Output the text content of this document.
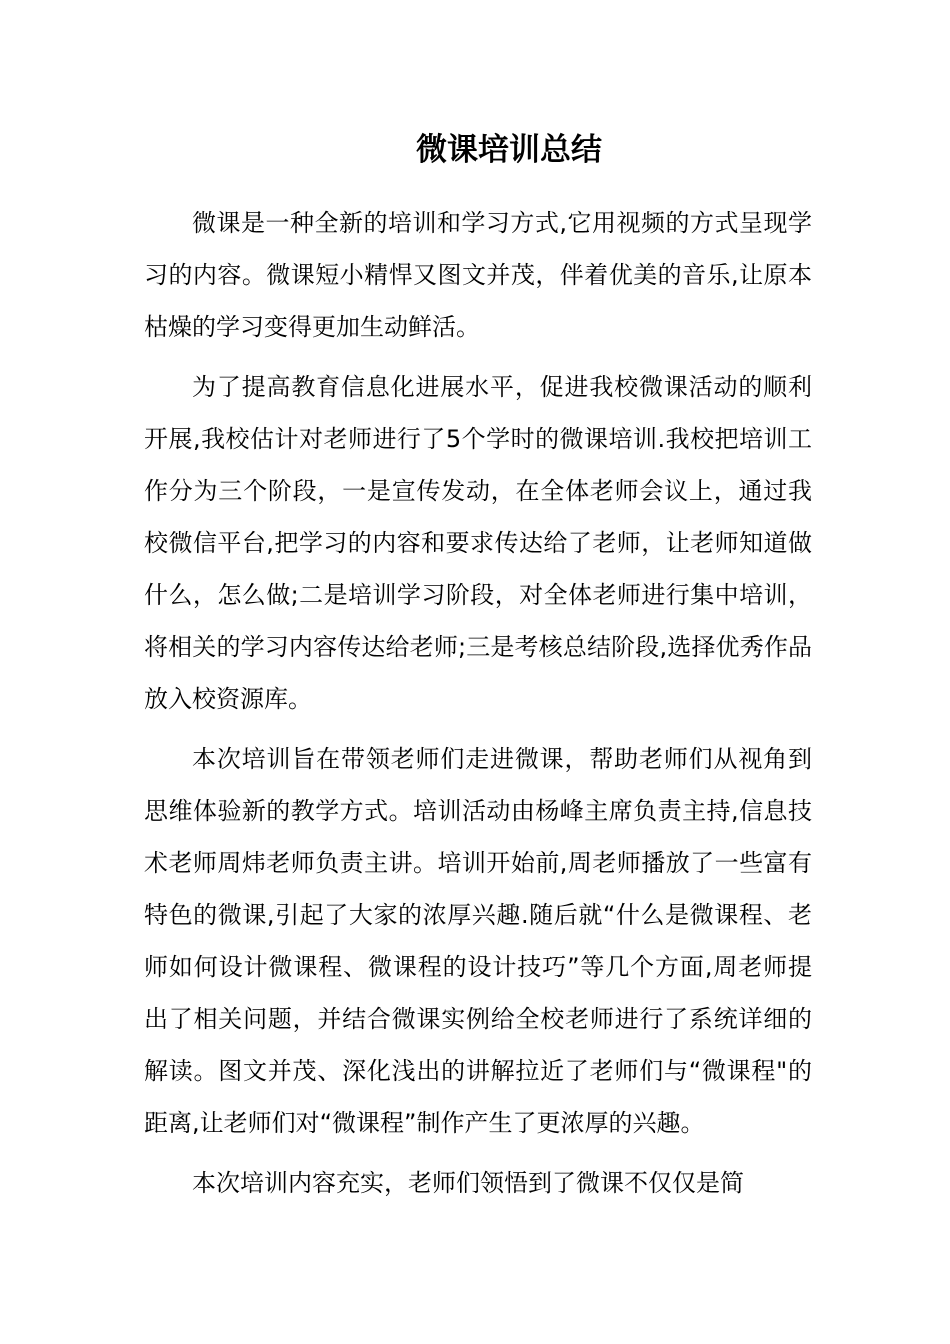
微课培训总结

微课是一种全新的培训和学习方式,它用视频的方式呈现学习的内容。微课短小精悍又图文并茂，伴着优美的音乐,让原本枯燥的学习变得更加生动鲜活。

为了提高教育信息化进展水平，促进我校微课活动的顺利开展,我校估计对老师进行了5个学时的微课培训.我校把培训工作分为三个阶段，一是宣传发动，在全体老师会议上，通过我校微信平台,把学习的内容和要求传达给了老师，让老师知道做什么，怎么做;二是培训学习阶段，对全体老师进行集中培训，将相关的学习内容传达给老师;三是考核总结阶段,选择优秀作品放入校资源库。

本次培训旨在带领老师们走进微课，帮助老师们从视角到思维体验新的教学方式。培训活动由杨峰主席负责主持,信息技术老师周炜老师负责主讲。培训开始前,周老师播放了一些富有特色的微课,引起了大家的浓厚兴趣.随后就“什么是微课程、老师如何设计微课程、微课程的设计技巧”等几个方面,周老师提出了相关问题，并结合微课实例给全校老师进行了系统详细的解读。图文并茂、深化浅出的讲解拉近了老师们与“微课程"的距离,让老师们对“微课程”制作产生了更浓厚的兴趣。

本次培训内容充实，老师们领悟到了微课不仅仅是简
